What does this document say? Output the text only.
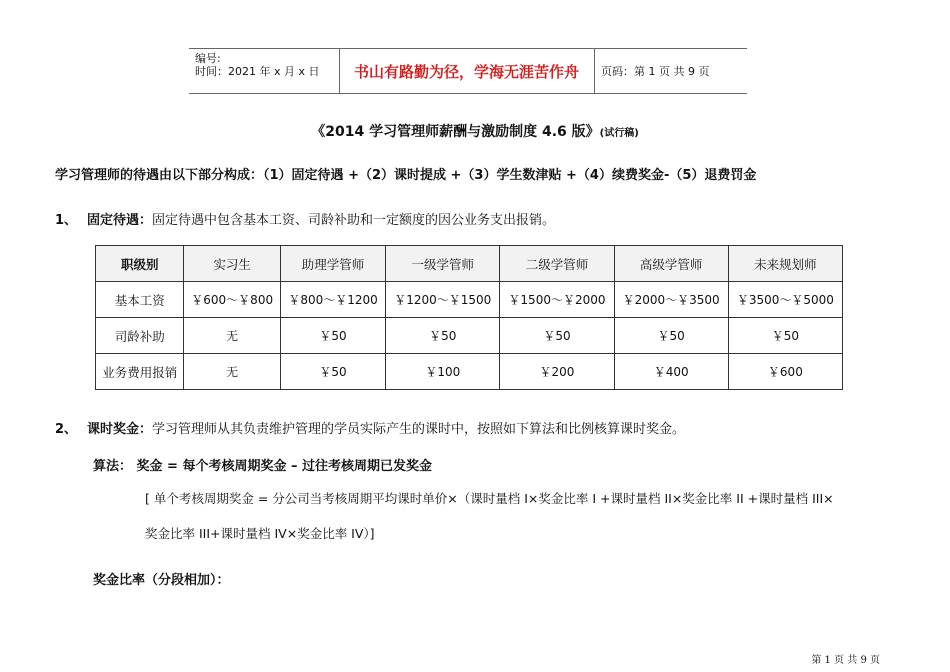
编号:
时间：2021 年 x 月 x 日	书山有路勤为径，学海无涯苦作舟	页码：第 1 页 共 9 页
《2014 学习管理师薪酬与激励制度 4.6 版》(试行稿)
学习管理师的待遇由以下部分构成：（1）固定待遇 +（2）课时提成 +（3）学生数津贴 +（4）续费奖金-（5）退费罚金
1、 固定待遇：固定待遇中包含基本工资、司龄补助和一定额度的因公业务支出报销。
职级别	实习生	助理学管师	一级学管师	二级学管师	高级学管师	未来规划师
基本工资	￥600～￥800	￥800～￥1200	￥1200～￥1500	￥1500～￥2000	￥2000～￥3500	￥3500～￥5000
司龄补助	无	￥50	￥50	￥50	￥50	￥50
业务费用报销	无	￥50	￥100	￥200	￥400	￥600
2、 课时奖金：学习管理师从其负责维护管理的学员实际产生的课时中，按照如下算法和比例核算课时奖金。
算法： 奖金 = 每个考核周期奖金 – 过往考核周期已发奖金
[ 单个考核周期奖金 = 分公司当考核周期平均课时单价×（课时量档 I×奖金比率 I +课时量档 II×奖金比率 II +课时量档 III×
奖金比率 III+课时量档 IV×奖金比率 IV）]
奖金比率（分段相加）：
第 1 页 共 9 页
